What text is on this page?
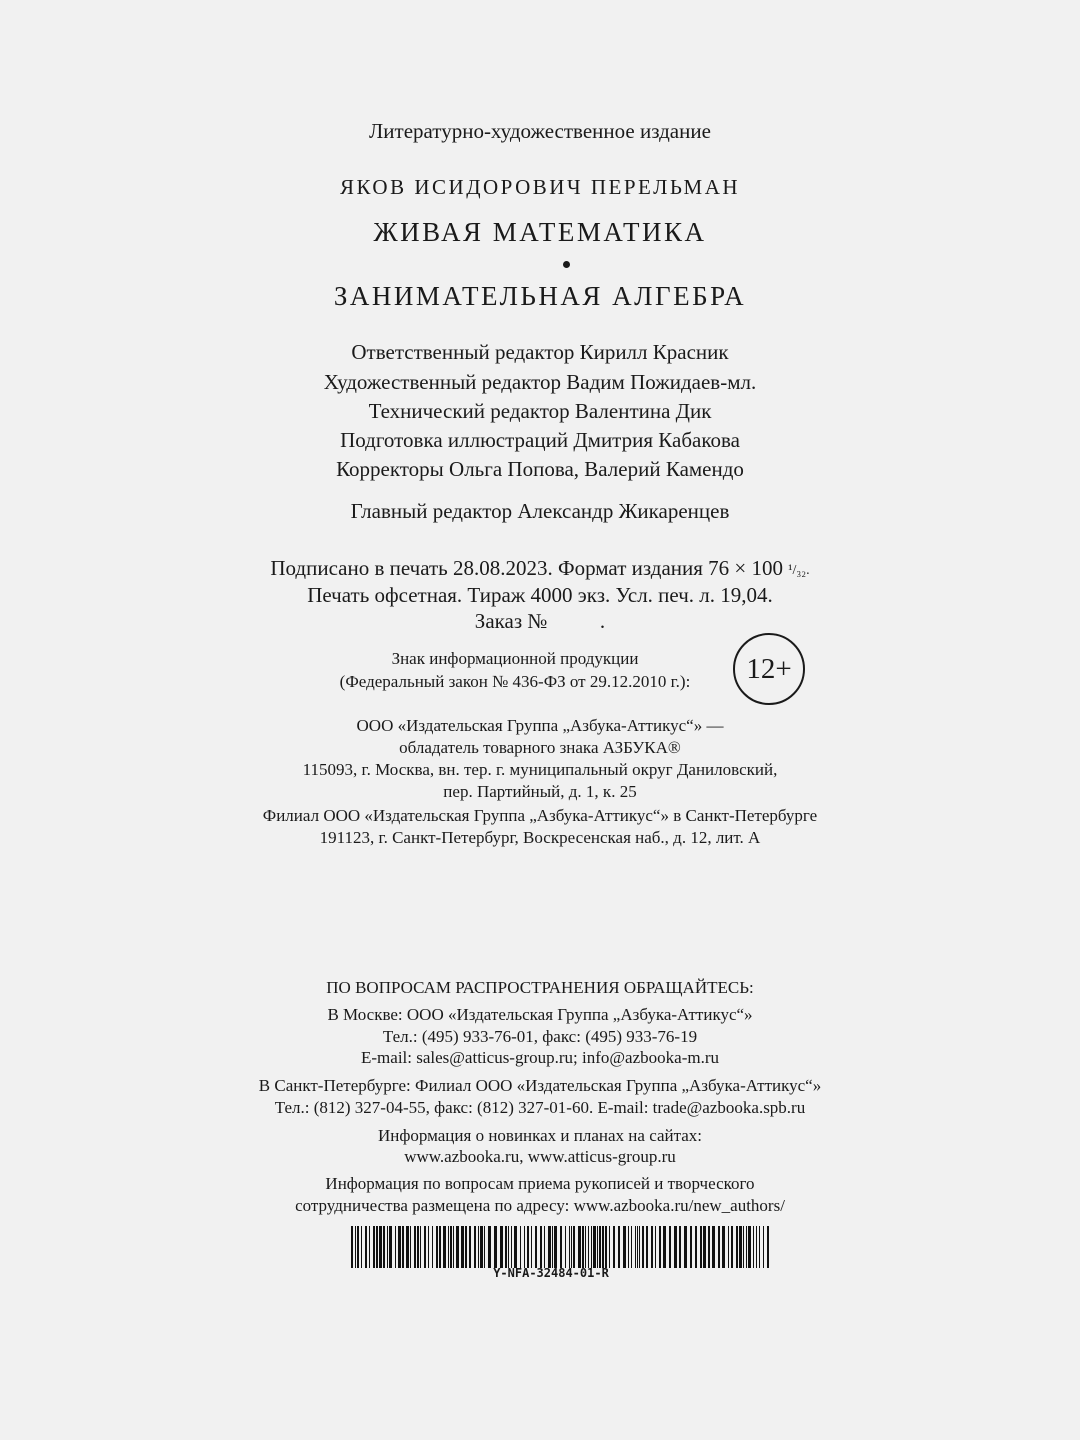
Литературно-художественное издание
ЯКОВ ИСИДОРОВИЧ ПЕРЕЛЬМАН
ЖИВАЯ МАТЕМАТИКА
ЗАНИМАТЕЛЬНАЯ АЛГЕБРА
Ответственный редактор Кирилл Красник
Художественный редактор Вадим Пожидаев-мл.
Технический редактор Валентина Дик
Подготовка иллюстраций Дмитрия Кабакова
Корректоры Ольга Попова, Валерий Камендо
Главный редактор Александр Жикаренцев
Подписано в печать 28.08.2023. Формат издания 76 × 100 ¹/₃₂.
Печать офсетная. Тираж 4000 экз. Усл. печ. л. 19,04.
Заказ №          .
Знак информационной продукции
(Федеральный закон № 436-ФЗ от 29.12.2010 г.):	12+
ООО «Издательская Группа „Азбука-Аттикус“» —
обладатель товарного знака АЗБУКА®
115093, г. Москва, вн. тер. г. муниципальный округ Даниловский,
пер. Партийный, д. 1, к. 25
Филиал ООО «Издательская Группа „Азбука-Аттикус“» в Санкт-Петербурге
191123, г. Санкт-Петербург, Воскресенская наб., д. 12, лит. А
ПО ВОПРОСАМ РАСПРОСТРАНЕНИЯ ОБРАЩАЙТЕСЬ:
В Москве: ООО «Издательская Группа „Азбука-Аттикус“»
Тел.: (495) 933-76-01, факс: (495) 933-76-19
E-mail: sales@atticus-group.ru; info@azbooka-m.ru
В Санкт-Петербурге: Филиал ООО «Издательская Группа „Азбука-Аттикус“»
Тел.: (812) 327-04-55, факс: (812) 327-01-60. E-mail: trade@azbooka.spb.ru
Информация о новинках и планах на сайтах:
www.azbooka.ru, www.atticus-group.ru
Информация по вопросам приема рукописей и творческого
сотрудничества размещена по адресу: www.azbooka.ru/new_authors/
Y-NFA-32484-01-R
